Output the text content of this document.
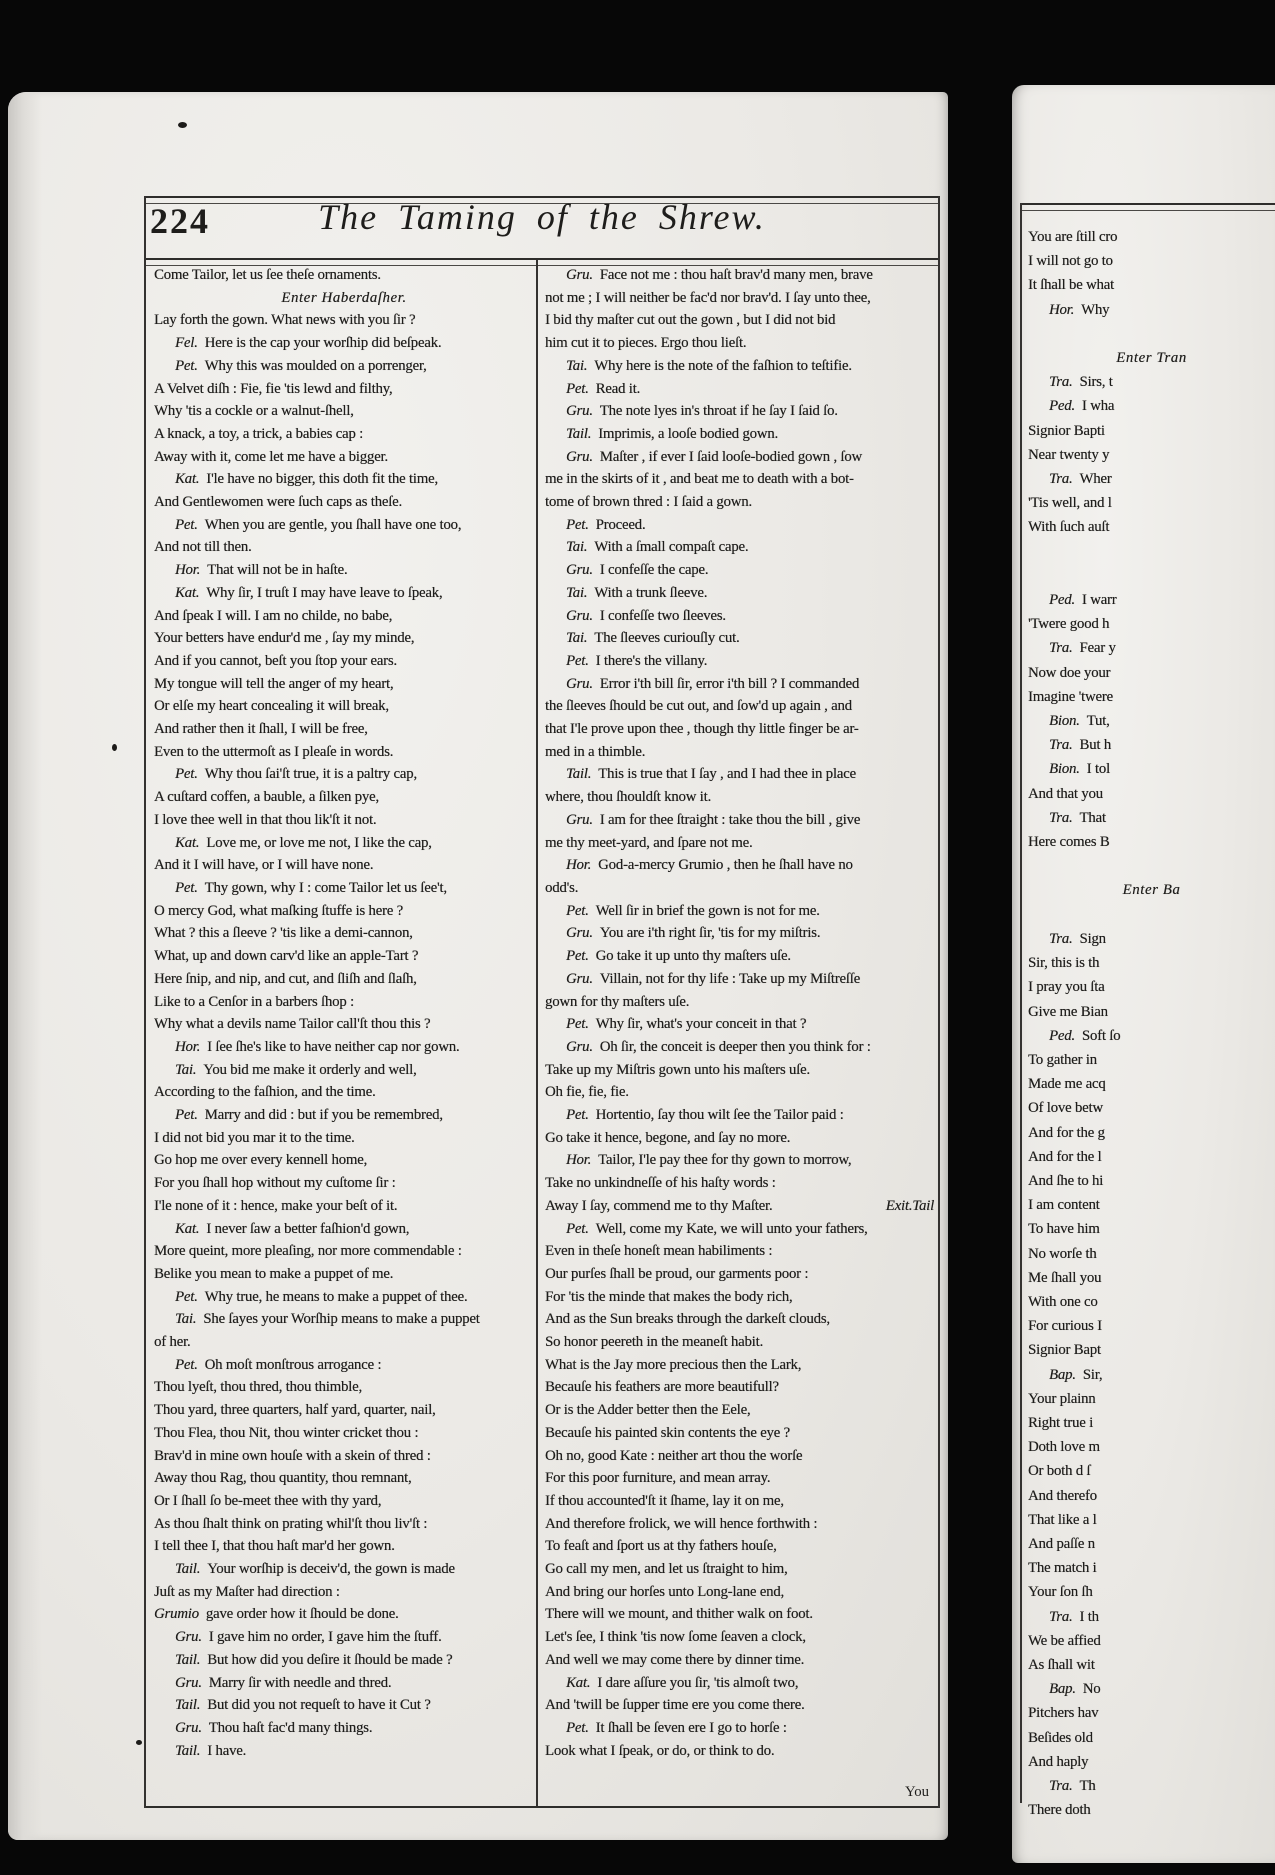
224	The Taming of the Shrew.
Come Tailor, let us ſee theſe ornaments.
Enter Haberdaſher.
Lay forth the gown. What news with you ſir ?
Fel. Here is the cap your worſhip did beſpeak.
Pet. Why this was moulded on a porrenger,
A Velvet diſh : Fie, fie 'tis lewd and filthy,
Why 'tis a cockle or a walnut-ſhell,
A knack, a toy, a trick, a babies cap :
Away with it, come let me have a bigger.
Kat. I'le have no bigger, this doth fit the time,
And Gentlewomen were ſuch caps as theſe.
Pet. When you are gentle, you ſhall have one too,
And not till then.
Hor. That will not be in haſte.
Kat. Why ſir, I truſt I may have leave to ſpeak,
And ſpeak I will. I am no childe, no babe,
Your betters have endur'd me , ſay my minde,
And if you cannot, beſt you ſtop your ears.
My tongue will tell the anger of my heart,
Or elſe my heart concealing it will break,
And rather then it ſhall, I will be free,
Even to the uttermoſt as I pleaſe in words.
Pet. Why thou ſai'ſt true, it is a paltry cap,
A cuſtard coffen, a bauble, a ſilken pye,
I love thee well in that thou lik'ſt it not.
Kat. Love me, or love me not, I like the cap,
And it I will have, or I will have none.
Pet. Thy gown, why I : come Tailor let us ſee't,
O mercy God, what maſking ſtuffe is here ?
What ? this a ſleeve ? 'tis like a demi-cannon,
What, up and down carv'd like an apple-Tart ?
Here ſnip, and nip, and cut, and ſliſh and ſlaſh,
Like to a Cenſor in a barbers ſhop :
Why what a devils name Tailor call'ſt thou this ?
Hor. I ſee ſhe's like to have neither cap nor gown.
Tai. You bid me make it orderly and well,
According to the faſhion, and the time.
Pet. Marry and did : but if you be remembred,
I did not bid you mar it to the time.
Go hop me over every kennell home,
For you ſhall hop without my cuſtome ſir :
I'le none of it : hence, make your beſt of it.
Kat. I never ſaw a better faſhion'd gown,
More queint, more pleaſing, nor more commendable :
Belike you mean to make a puppet of me.
Pet. Why true, he means to make a puppet of thee.
Tai. She ſayes your Worſhip means to make a puppet
of her.
Pet. Oh moſt monſtrous arrogance :
Thou lyeſt, thou thred, thou thimble,
Thou yard, three quarters, half yard, quarter, nail,
Thou Flea, thou Nit, thou winter cricket thou :
Brav'd in mine own houſe with a skein of thred :
Away thou Rag, thou quantity, thou remnant,
Or I ſhall ſo be-meet thee with thy yard,
As thou ſhalt think on prating whil'ſt thou liv'ſt :
I tell thee I, that thou haſt mar'd her gown.
Tail. Your worſhip is deceiv'd, the gown is made
Juſt as my Maſter had direction :
Grumio gave order how it ſhould be done.
Gru. I gave him no order, I gave him the ſtuff.
Tail. But how did you deſire it ſhould be made ?
Gru. Marry ſir with needle and thred.
Tail. But did you not requeſt to have it Cut ?
Gru. Thou haſt fac'd many things.
Tail. I have.
Gru. Face not me : thou haſt brav'd many men, brave
not me ; I will neither be fac'd nor brav'd. I ſay unto thee,
I bid thy maſter cut out the gown , but I did not bid
him cut it to pieces. Ergo thou lieſt.
Tai. Why here is the note of the faſhion to teſtifie.
Pet. Read it.
Gru. The note lyes in's throat if he ſay I ſaid ſo.
Tail. Imprimis, a looſe bodied gown.
Gru. Maſter , if ever I ſaid looſe-bodied gown , ſow
me in the skirts of it , and beat me to death with a bot-
tome of brown thred : I ſaid a gown.
Pet. Proceed.
Tai. With a ſmall compaſt cape.
Gru. I confeſſe the cape.
Tai. With a trunk ſleeve.
Gru. I confeſſe two ſleeves.
Tai. The ſleeves curiouſly cut.
Pet. I there's the villany.
Gru. Error i'th bill ſir, error i'th bill ? I commanded
the ſleeves ſhould be cut out, and ſow'd up again , and
that I'le prove upon thee , though thy little finger be ar-
med in a thimble.
Tail. This is true that I ſay , and I had thee in place
where, thou ſhouldſt know it.
Gru. I am for thee ſtraight : take thou the bill , give
me thy meet-yard, and ſpare not me.
Hor. God-a-mercy Grumio , then he ſhall have no
odd's.
Pet. Well ſir in brief the gown is not for me.
Gru. You are i'th right ſir, 'tis for my miſtris.
Pet. Go take it up unto thy maſters uſe.
Gru. Villain, not for thy life : Take up my Miſtreſſe
gown for thy maſters uſe.
Pet. Why ſir, what's your conceit in that ?
Gru. Oh ſir, the conceit is deeper then you think for :
Take up my Miſtris gown unto his maſters uſe.
Oh fie, fie, fie.
Pet. Hortentio, ſay thou wilt ſee the Tailor paid :
Go take it hence, begone, and ſay no more.
Hor. Tailor, I'le pay thee for thy gown to morrow,
Take no unkindneſſe of his haſty words :
Exit.Tail
Away I ſay, commend me to thy Maſter.
Pet. Well, come my Kate, we will unto your fathers,
Even in theſe honeſt mean habiliments :
Our purſes ſhall be proud, our garments poor :
For 'tis the minde that makes the body rich,
And as the Sun breaks through the darkeſt clouds,
So honor peereth in the meaneſt habit.
What is the Jay more precious then the Lark,
Becauſe his feathers are more beautifull?
Or is the Adder better then the Eele,
Becauſe his painted skin contents the eye ?
Oh no, good Kate : neither art thou the worſe
For this poor furniture, and mean array.
If thou accounted'ſt it ſhame, lay it on me,
And therefore frolick, we will hence forthwith :
To feaſt and ſport us at thy fathers houſe,
Go call my men, and let us ſtraight to him,
And bring our horſes unto Long-lane end,
There will we mount, and thither walk on foot.
Let's ſee, I think 'tis now ſome ſeaven a clock,
And well we may come there by dinner time.
Kat. I dare aſſure you ſir, 'tis almoſt two,
And 'twill be ſupper time ere you come there.
Pet. It ſhall be ſeven ere I go to horſe :
Look what I ſpeak, or do, or think to do.
You
You are ſtill cro
I will not go to
It ſhall be what
Hor. Why

Enter Tran
Tra. Sirs, t
Ped. I wha
Signior Bapti
Near twenty y
Tra. Wher
'Tis well, and l
With ſuch auſt

Ped. I warr
'Twere good h
Tra. Fear y
Now doe your
Imagine 'twere
Bion. Tut,
Tra. But h
Bion. I tol
And that you
Tra. That
Here comes B

Enter Ba

Tra. Sign
Sir, this is th
I pray you ſta
Give me Bian
Ped. Soft ſo
To gather in
Made me acq
Of love betw
And for the g
And for the l
And ſhe to hi
I am content
To have him
No worſe th
Me ſhall you
With one co
For curious I
Signior Bapt
Bap. Sir,
Your plainn
Right true i
Doth love m
Or both d ſ
And therefo
That like a l
And paſſe n
The match i
Your ſon ſh
Tra. I th
We be affied
As ſhall wit
Bap. No
Pitchers hav
Beſides old
And haply
Tra. Th
There doth
